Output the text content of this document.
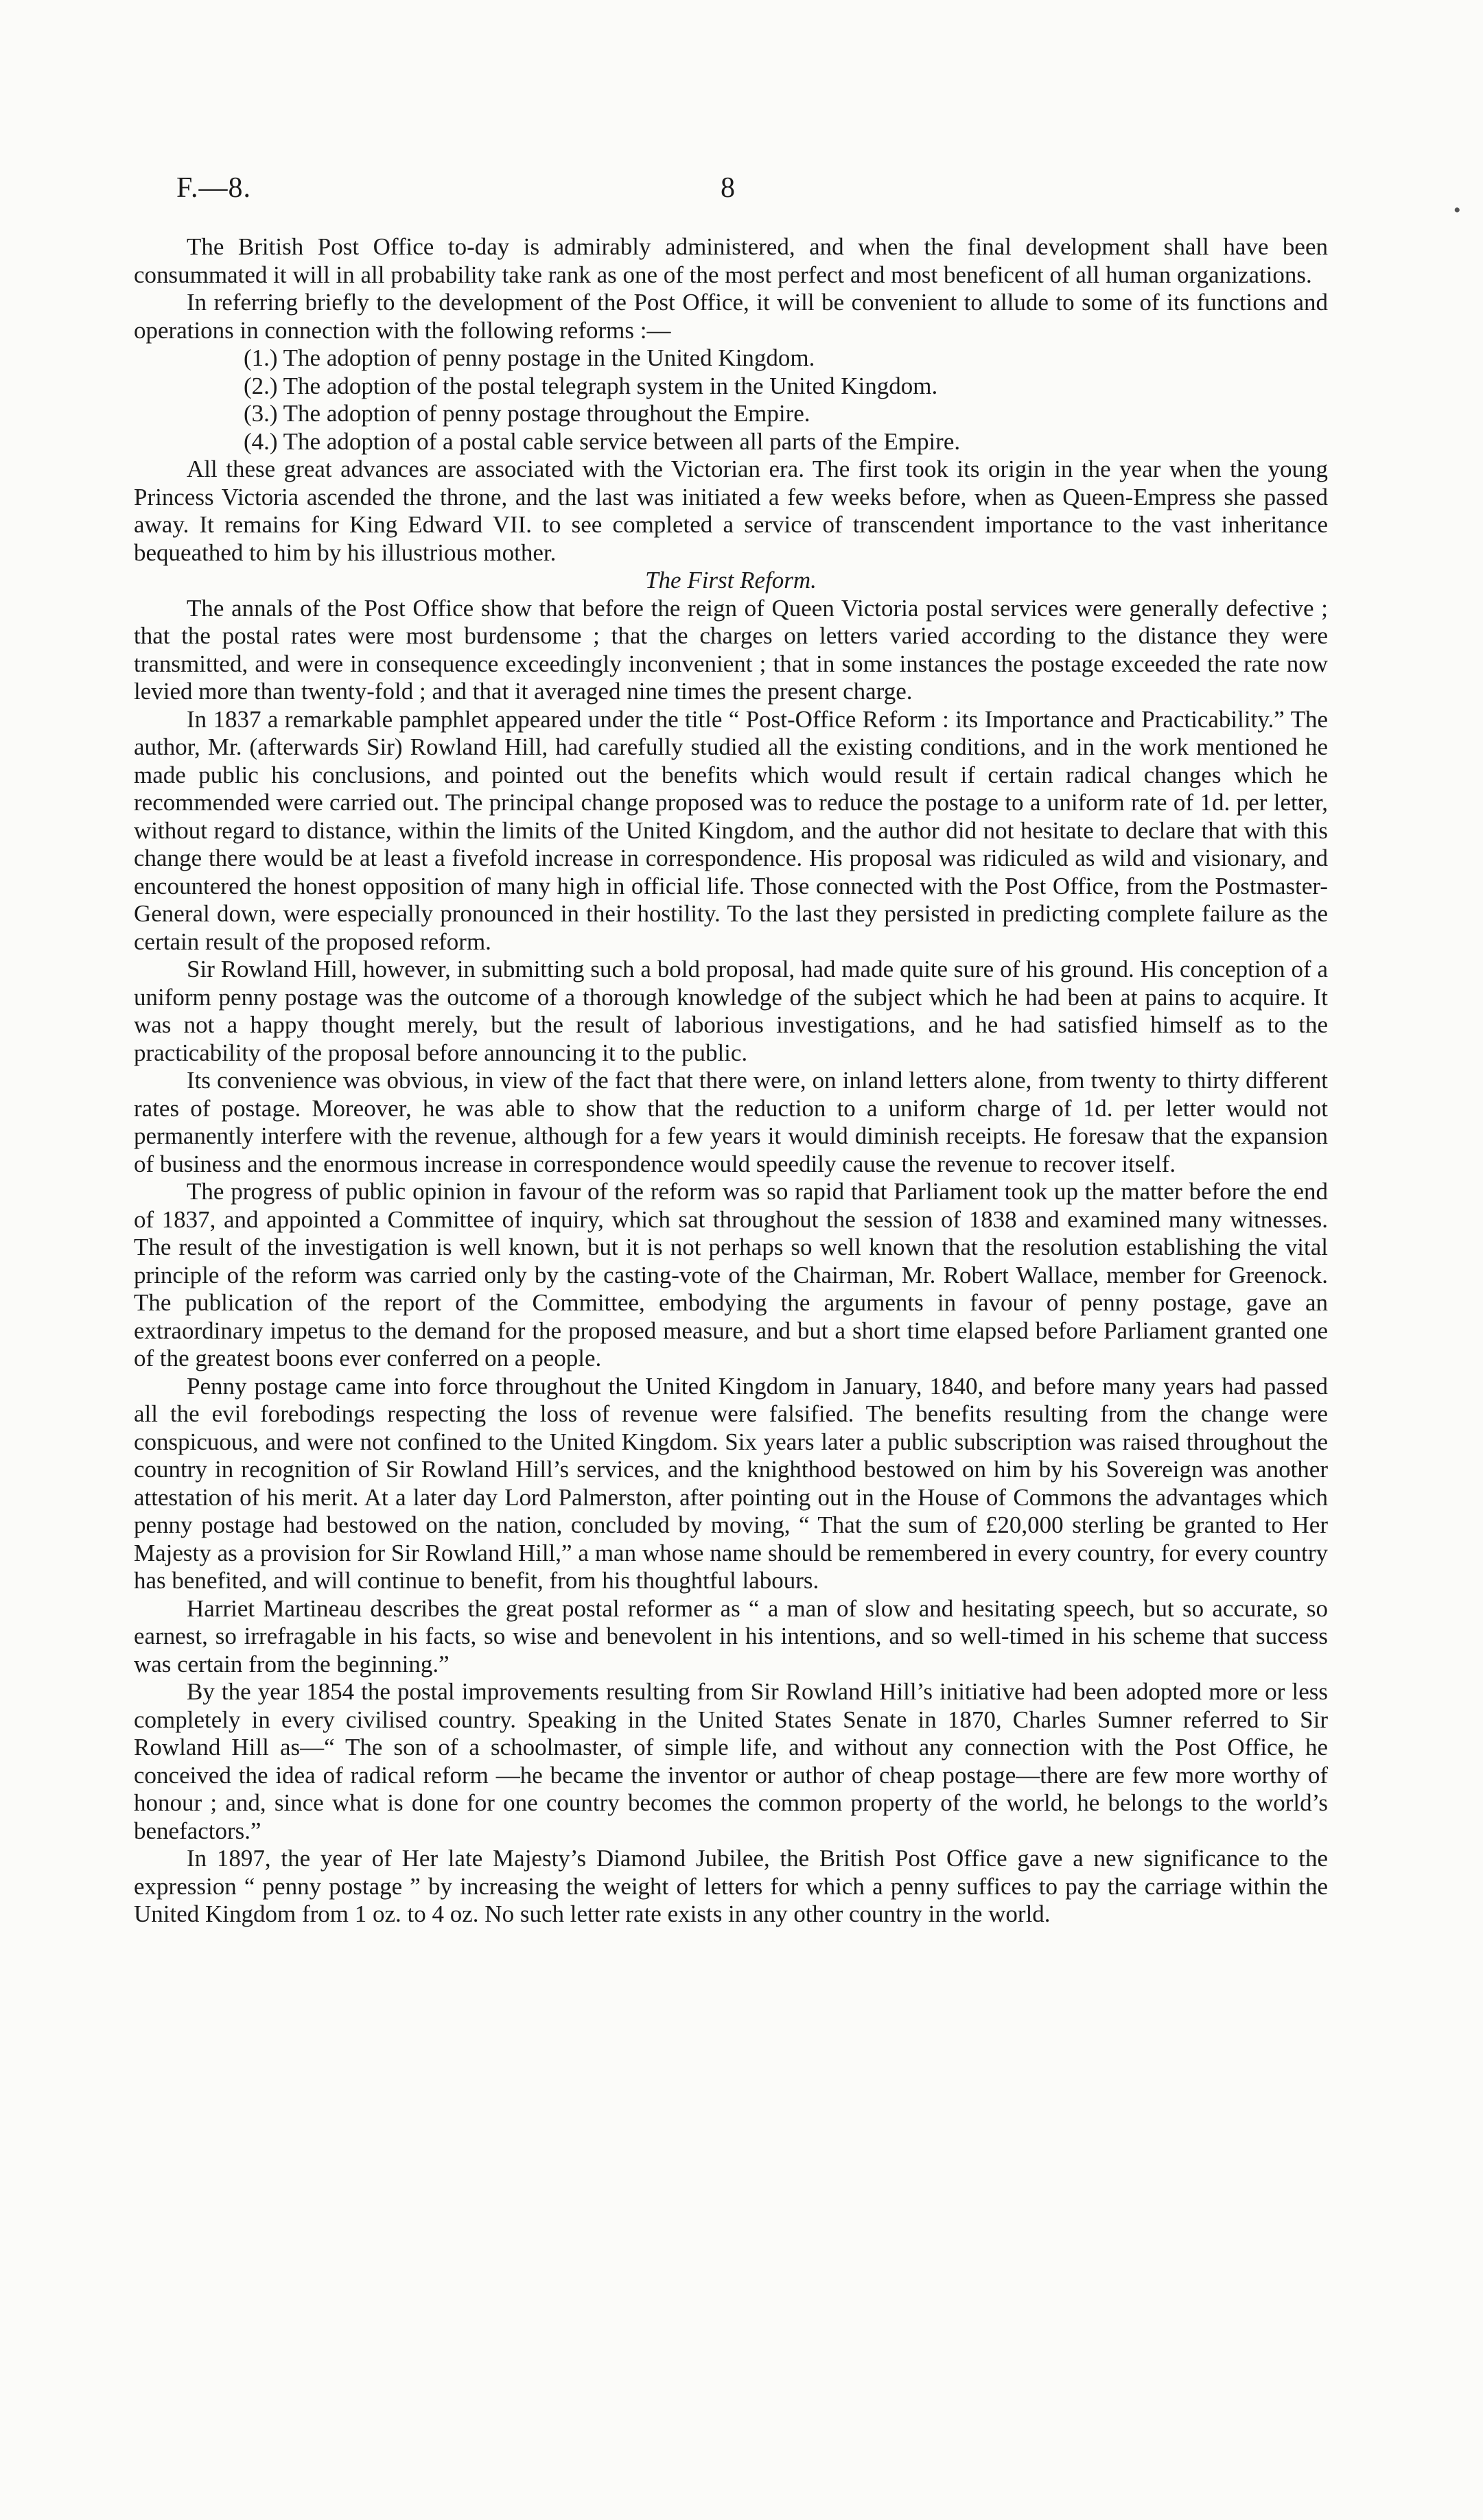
•
F.—8.	8

The British Post Office to-day is admirably administered, and when the final development shall have been consummated it will in all probability take rank as one of the most perfect and most beneficent of all human organizations.

In referring briefly to the development of the Post Office, it will be convenient to allude to some of its functions and operations in connection with the following reforms :—

(1.) The adoption of penny postage in the United Kingdom.
(2.) The adoption of the postal telegraph system in the United Kingdom.
(3.) The adoption of penny postage throughout the Empire.
(4.) The adoption of a postal cable service between all parts of the Empire.

All these great advances are associated with the Victorian era. The first took its origin in the year when the young Princess Victoria ascended the throne, and the last was initiated a few weeks before, when as Queen-Empress she passed away. It remains for King Edward VII. to see completed a service of transcendent importance to the vast inheritance bequeathed to him by his illustrious mother.

The First Reform.

The annals of the Post Office show that before the reign of Queen Victoria postal services were generally defective ; that the postal rates were most burdensome ; that the charges on letters varied according to the distance they were transmitted, and were in consequence exceedingly inconvenient ; that in some instances the postage exceeded the rate now levied more than twenty-fold ; and that it averaged nine times the present charge.

In 1837 a remarkable pamphlet appeared under the title “ Post-Office Reform : its Importance and Practicability.” The author, Mr. (afterwards Sir) Rowland Hill, had carefully studied all the existing conditions, and in the work mentioned he made public his conclusions, and pointed out the benefits which would result if certain radical changes which he recommended were carried out. The principal change proposed was to reduce the postage to a uniform rate of 1d. per letter, without regard to distance, within the limits of the United Kingdom, and the author did not hesitate to declare that with this change there would be at least a fivefold increase in correspondence. His proposal was ridiculed as wild and visionary, and encountered the honest opposition of many high in official life. Those connected with the Post Office, from the Postmaster-General down, were especially pronounced in their hostility. To the last they persisted in predicting complete failure as the certain result of the proposed reform.

Sir Rowland Hill, however, in submitting such a bold proposal, had made quite sure of his ground. His conception of a uniform penny postage was the outcome of a thorough knowledge of the subject which he had been at pains to acquire. It was not a happy thought merely, but the result of laborious investigations, and he had satisfied himself as to the practicability of the proposal before announcing it to the public.

Its convenience was obvious, in view of the fact that there were, on inland letters alone, from twenty to thirty different rates of postage. Moreover, he was able to show that the reduction to a uniform charge of 1d. per letter would not permanently interfere with the revenue, although for a few years it would diminish receipts. He foresaw that the expansion of business and the enormous increase in correspondence would speedily cause the revenue to recover itself.

The progress of public opinion in favour of the reform was so rapid that Parliament took up the matter before the end of 1837, and appointed a Committee of inquiry, which sat throughout the session of 1838 and examined many witnesses. The result of the investigation is well known, but it is not perhaps so well known that the resolution establishing the vital principle of the reform was carried only by the casting-vote of the Chairman, Mr. Robert Wallace, member for Greenock. The publication of the report of the Committee, embodying the arguments in favour of penny postage, gave an extraordinary impetus to the demand for the proposed measure, and but a short time elapsed before Parliament granted one of the greatest boons ever conferred on a people.

Penny postage came into force throughout the United Kingdom in January, 1840, and before many years had passed all the evil forebodings respecting the loss of revenue were falsified. The benefits resulting from the change were conspicuous, and were not confined to the United Kingdom. Six years later a public subscription was raised throughout the country in recognition of Sir Rowland Hill’s services, and the knighthood bestowed on him by his Sovereign was another attestation of his merit. At a later day Lord Palmerston, after pointing out in the House of Commons the advantages which penny postage had bestowed on the nation, concluded by moving, “ That the sum of £20,000 sterling be granted to Her Majesty as a provision for Sir Rowland Hill,” a man whose name should be remembered in every country, for every country has benefited, and will continue to benefit, from his thoughtful labours.

Harriet Martineau describes the great postal reformer as “ a man of slow and hesitating speech, but so accurate, so earnest, so irrefragable in his facts, so wise and benevolent in his intentions, and so well-timed in his scheme that success was certain from the beginning.”

By the year 1854 the postal improvements resulting from Sir Rowland Hill’s initiative had been adopted more or less completely in every civilised country. Speaking in the United States Senate in 1870, Charles Sumner referred to Sir Rowland Hill as—“ The son of a schoolmaster, of simple life, and without any connection with the Post Office, he conceived the idea of radical reform —he became the inventor or author of cheap postage—there are few more worthy of honour ; and, since what is done for one country becomes the common property of the world, he belongs to the world’s benefactors.”

In 1897, the year of Her late Majesty’s Diamond Jubilee, the British Post Office gave a new significance to the expression “ penny postage ” by increasing the weight of letters for which a penny suffices to pay the carriage within the United Kingdom from 1 oz. to 4 oz. No such letter rate exists in any other country in the world.
